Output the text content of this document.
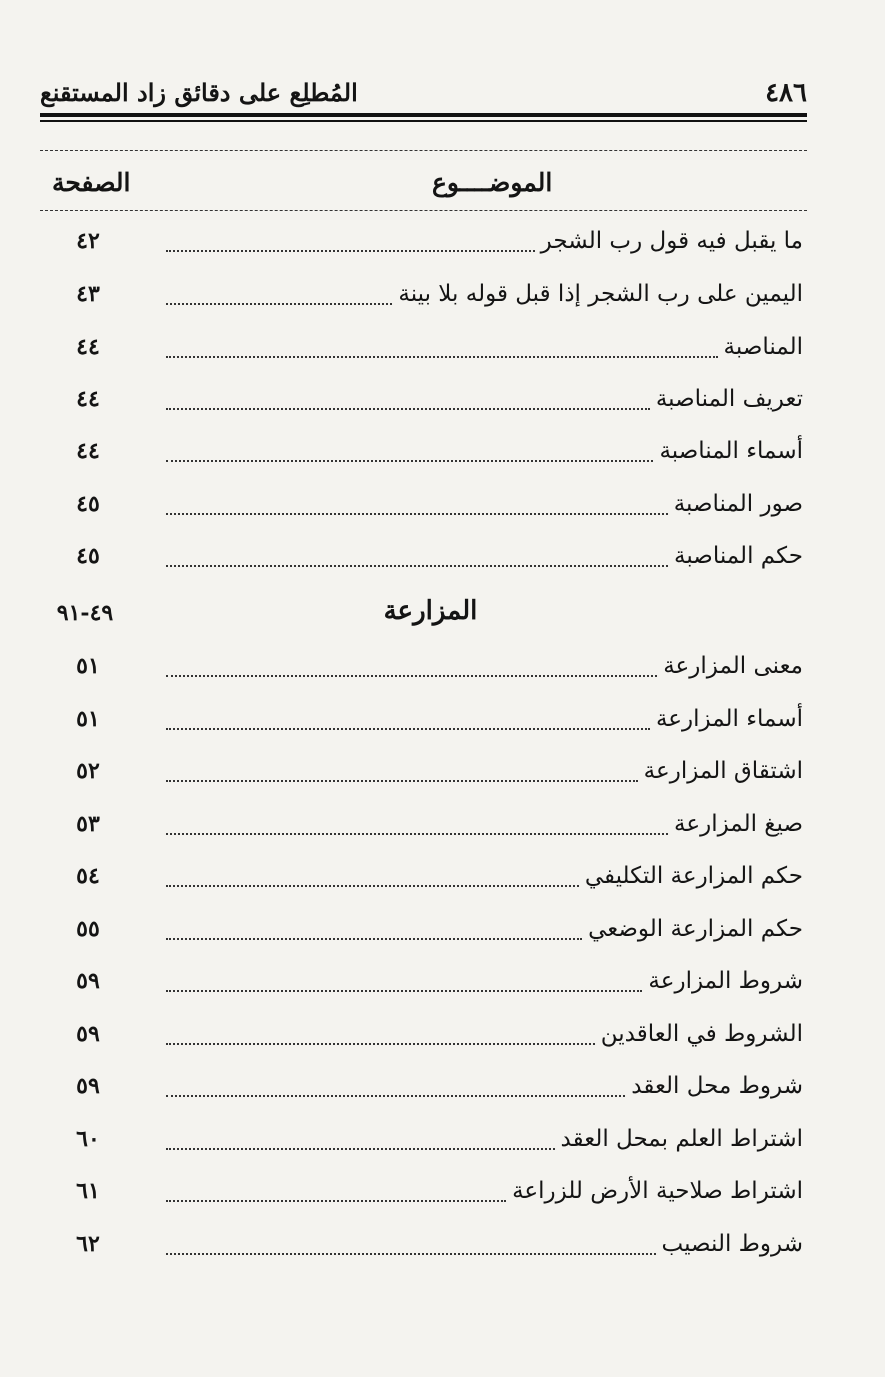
٤٨٦
المُطلِع على دقائق زاد المستقنع
الموضــــوع
الصفحة
ما يقبل فيه قول رب الشجر
٤٢
اليمين على رب الشجر إذا قبل قوله بلا بينة
٤٣
المناصبة
٤٤
تعريف المناصبة
٤٤
أسماء المناصبة
٤٤
صور المناصبة
٤٥
حكم المناصبة
٤٥
المزارعة
٤٩-٩١
معنى المزارعة
٥١
أسماء المزارعة
٥١
اشتقاق المزارعة
٥٢
صيغ المزارعة
٥٣
حكم المزارعة التكليفي
٥٤
حكم المزارعة الوضعي
٥٥
شروط المزارعة
٥٩
الشروط في العاقدين
٥٩
شروط محل العقد
٥٩
اشتراط العلم بمحل العقد
٦٠
اشتراط صلاحية الأرض للزراعة
٦١
شروط النصيب
٦٢
